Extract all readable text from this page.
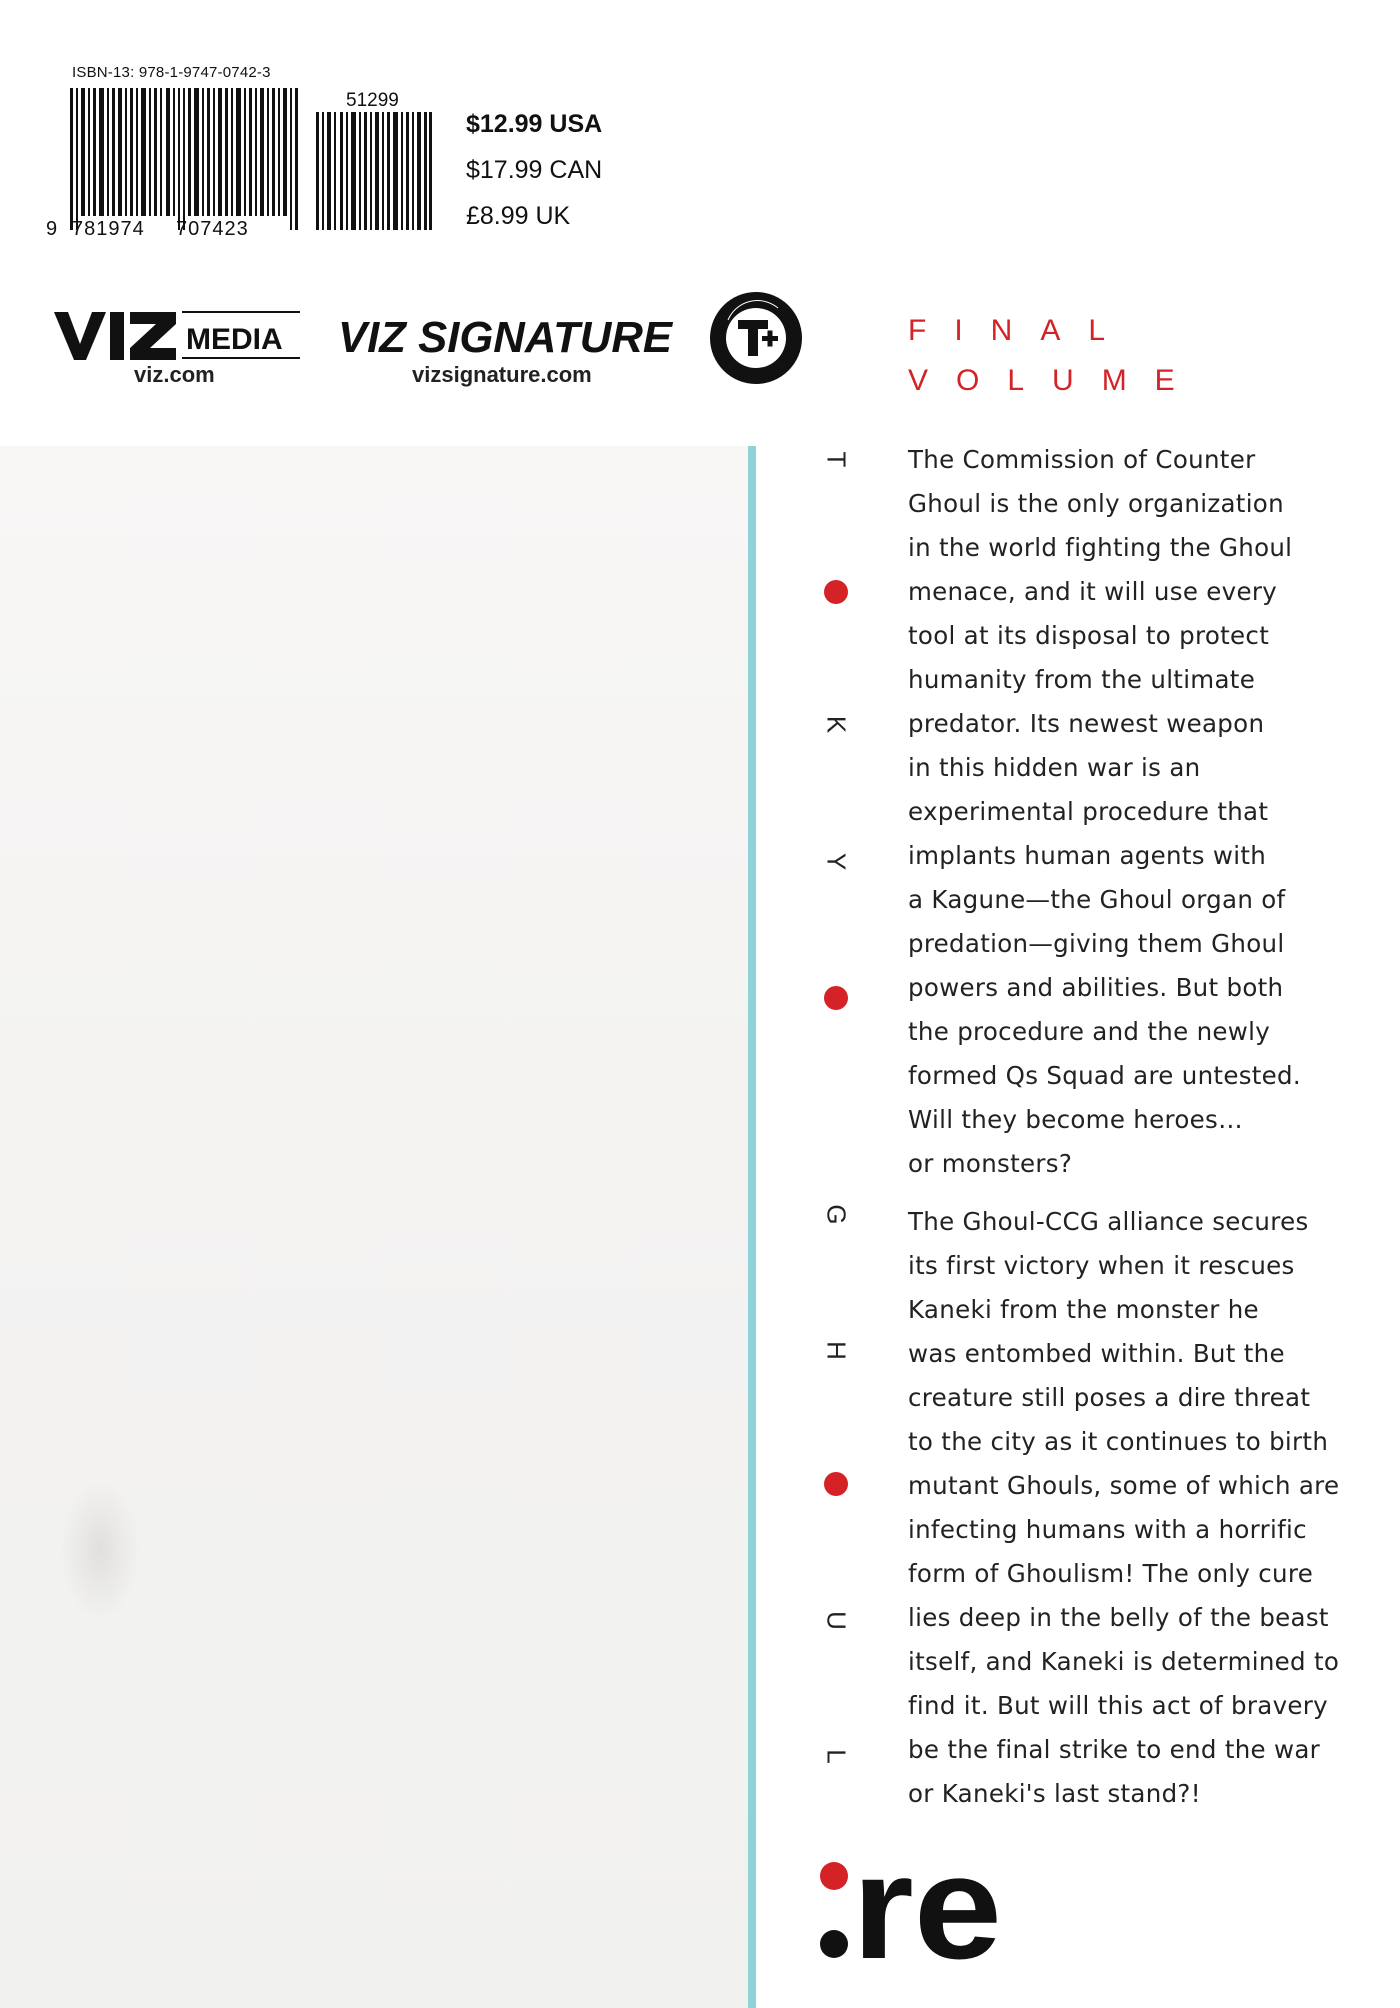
ISBN-13: 978-1-9747-0742-3
51299
9 781974 707423
$12.99 USA
$17.99 CAN
£8.99 UK
MEDIA
viz.com
VIZ SIGNATURE
vizsignature.com
FINAL
VOLUME
T
K
Y
G
H
U
L

The Commission of Counter
Ghoul is the only organization
in the world fighting the Ghoul
menace, and it will use every
tool at its disposal to protect
humanity from the ultimate
predator. Its newest weapon
in this hidden war is an
experimental procedure that
implants human agents with
a Kagune—the Ghoul organ of
predation—giving them Ghoul
powers and abilities. But both
the procedure and the newly
formed Qs Squad are untested.
Will they become heroes…
or monsters?

The Ghoul-CCG alliance secures
its first victory when it rescues
Kaneki from the monster he
was entombed within. But the
creature still poses a dire threat
to the city as it continues to birth
mutant Ghouls, some of which are
infecting humans with a horrific
form of Ghoulism! The only cure
lies deep in the belly of the beast
itself, and Kaneki is determined to
find it. But will this act of bravery
be the final strike to end the war
or Kaneki's last stand?!

re
